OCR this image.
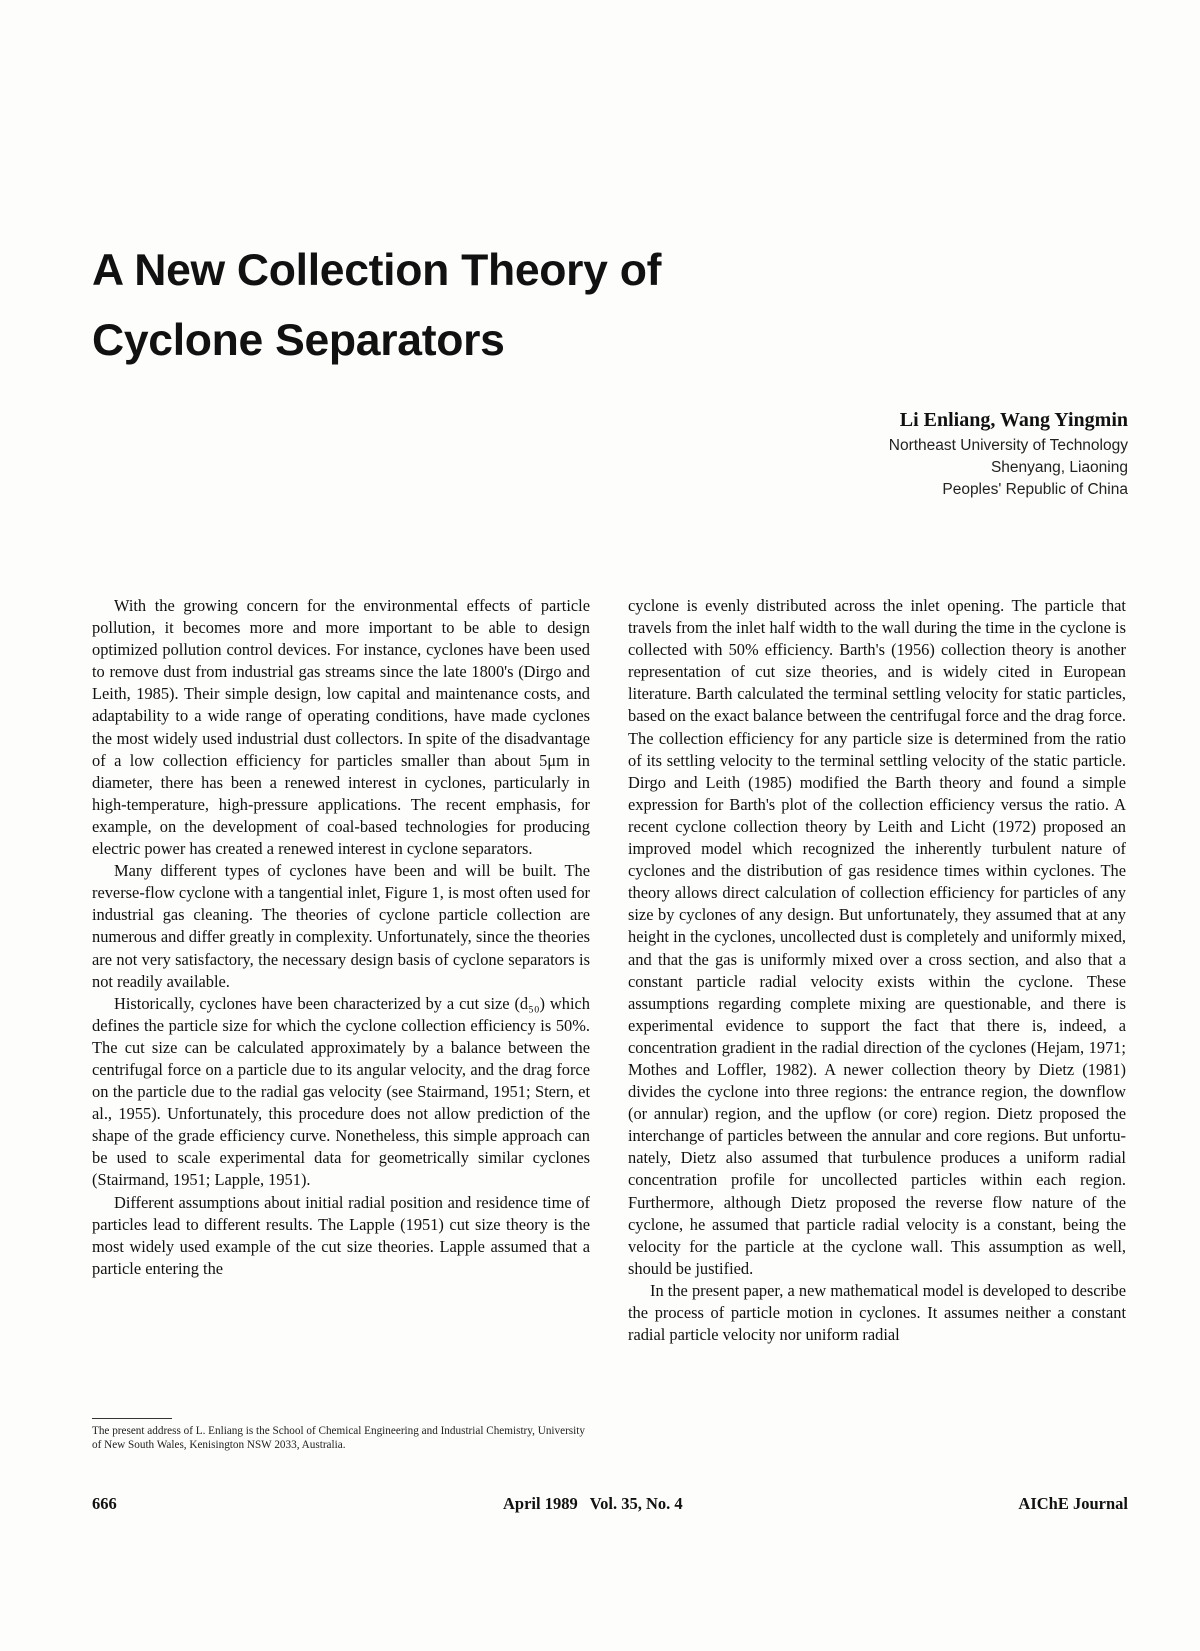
A New Collection Theory of
Cyclone Separators

Li Enliang, Wang Yingmin

Northeast University of Technology

Shenyang, Liaoning

Peoples' Republic of China

With the growing concern for the environmental effects of particle pollution, it becomes more and more important to be able to design optimized pollution control devices. For instance, cyclones have been used to remove dust from industrial gas streams since the late 1800's (Dirgo and Leith, 1985). Their simple design, low capital and maintenance costs, and adaptability to a wide range of operating conditions, have made cyclones the most widely used industrial dust collectors. In spite of the disadvantage of a low collection efficiency for particles smaller than about 5μm in diameter, there has been a renewed interest in cyclones, particularly in high-temperature, high-pressure applications. The recent emphasis, for example, on the development of coal-based technologies for producing electric power has created a renewed interest in cyclone separators.

Many different types of cyclones have been and will be built. The reverse-flow cyclone with a tangential inlet, Figure 1, is most often used for industrial gas cleaning. The theories of cyclone particle collection are numerous and differ greatly in complexity. Unfortunately, since the theories are not very satisfactory, the necessary design basis of cyclone separators is not readily available.

Historically, cyclones have been characterized by a cut size (d₅₀) which defines the particle size for which the cyclone collection efficiency is 50%. The cut size can be calculated approximately by a balance between the centrifugal force on a particle due to its angular velocity, and the drag force on the particle due to the radial gas velocity (see Stairmand, 1951; Stern, et al., 1955). Unfortunately, this procedure does not allow prediction of the shape of the grade efficiency curve. Nonetheless, this simple approach can be used to scale experimental data for geometrically similar cyclones (Stairmand, 1951; Lapple, 1951).

Different assumptions about initial radial position and residence time of particles lead to different results. The Lapple (1951) cut size theory is the most widely used example of the cut size theories. Lapple assumed that a particle entering the

cyclone is evenly distributed across the inlet opening. The particle that travels from the inlet half width to the wall during the time in the cyclone is collected with 50% efficiency. Barth's (1956) collection theory is another representation of cut size theories, and is widely cited in European literature. Barth calculated the terminal settling velocity for static particles, based on the exact balance between the centrifugal force and the drag force. The collection efficiency for any particle size is determined from the ratio of its settling velocity to the terminal settling velocity of the static particle. Dirgo and Leith (1985) modified the Barth theory and found a simple expression for Barth's plot of the collection efficiency versus the ratio. A recent cyclone collection theory by Leith and Licht (1972) proposed an improved model which recognized the inherently turbulent nature of cyclones and the distribution of gas residence times within cyclones. The theory allows direct calculation of collection efficiency for particles of any size by cyclones of any design. But unfortunately, they assumed that at any height in the cyclones, uncollected dust is completely and uniformly mixed, and that the gas is uniformly mixed over a cross section, and also that a constant particle radial velocity exists within the cyclone. These assumptions regarding complete mixing are questionable, and there is experimental evidence to support the fact that there is, indeed, a concentration gradient in the radial direction of the cyclones (Hejam, 1971; Mothes and Loffler, 1982). A newer collection theory by Dietz (1981) divides the cyclone into three regions: the entrance region, the downflow (or annular) region, and the upflow (or core) region. Dietz proposed the interchange of particles between the annular and core regions. But unfortunately, Dietz also assumed that turbulence produces a uniform radial concentration profile for uncollected particles within each region. Furthermore, although Dietz proposed the reverse flow nature of the cyclone, he assumed that particle radial velocity is a constant, being the velocity for the particle at the cyclone wall. This assumption as well, should be justified.

In the present paper, a new mathematical model is developed to describe the process of particle motion in cyclones. It assumes neither a constant radial particle velocity nor uniform radial

The present address of L. Enliang is the School of Chemical Engineering and Industrial Chemistry, University of New South Wales, Kenisington NSW 2033, Australia.

666	April 1989   Vol. 35, No. 4	AIChE Journal
